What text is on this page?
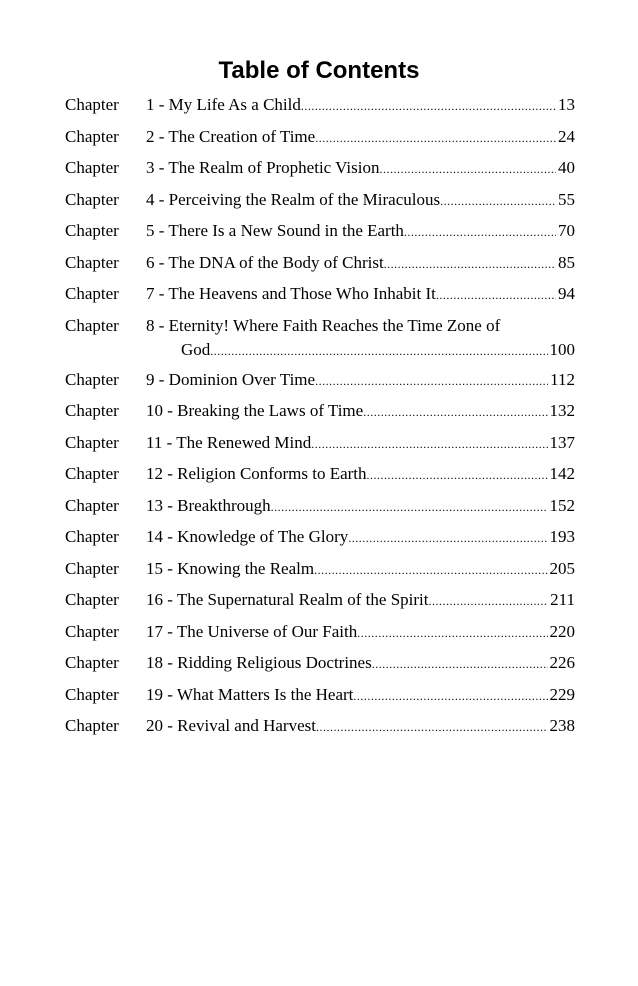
Table of Contents
Chapter	1 - My Life As a Child .....	13
Chapter	2 - The Creation of Time .....	24
Chapter	3 - The Realm of Prophetic Vision .....	40
Chapter	4 - Perceiving the Realm of the Miraculous .....	55
Chapter	5 - There Is a New Sound in the Earth .....	70
Chapter	6 - The DNA of the Body of Christ .....	85
Chapter	7 - The Heavens and Those Who Inhabit It .....	94
Chapter	8 - Eternity! Where Faith Reaches the Time Zone of
God .....	100
Chapter	9 - Dominion Over Time .....	112
Chapter	10 - Breaking the Laws of Time .....	132
Chapter	11 - The Renewed Mind .....	137
Chapter	12 - Religion Conforms to Earth .....	142
Chapter	13 - Breakthrough .....	152
Chapter	14 - Knowledge of The Glory .....	193
Chapter	15 - Knowing the Realm .....	205
Chapter	16 - The Supernatural Realm of the Spirit .....	211
Chapter	17 - The Universe of Our Faith .....	220
Chapter	18 - Ridding Religious Doctrines .....	226
Chapter	19 - What Matters Is the Heart .....	229
Chapter	20 - Revival and Harvest .....	238
